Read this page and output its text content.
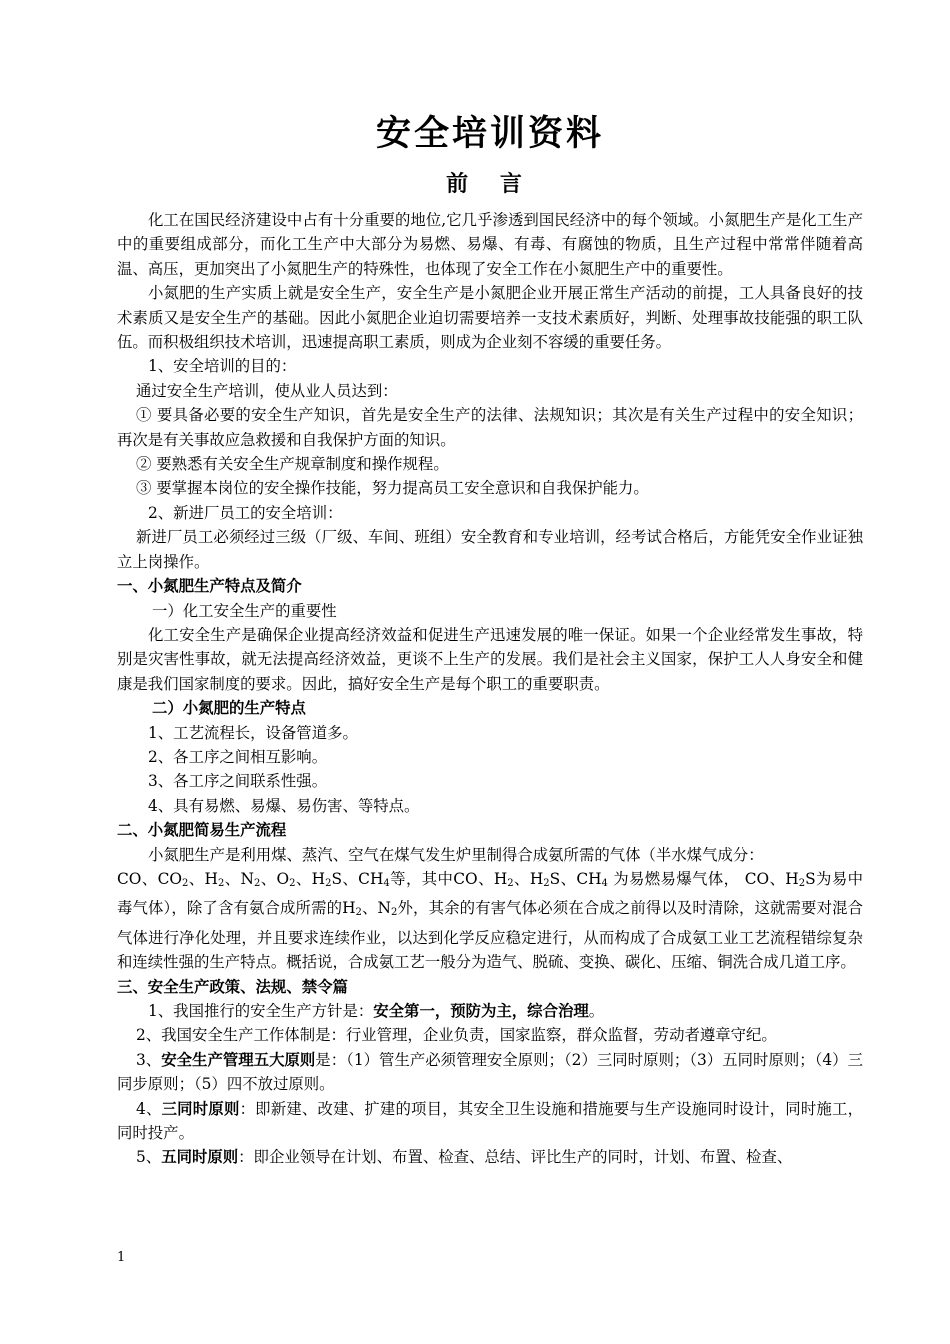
安全培训资料
前 言

化工在国民经济建设中占有十分重要的地位,它几乎渗透到国民经济中的每个领域。小氮肥生产是化工生产中的重要组成部分，而化工生产中大部分为易燃、易爆、有毒、有腐蚀的物质，且生产过程中常常伴随着高温、高压，更加突出了小氮肥生产的特殊性，也体现了安全工作在小氮肥生产中的重要性。

小氮肥的生产实质上就是安全生产，安全生产是小氮肥企业开展正常生产活动的前提，工人具备良好的技术素质又是安全生产的基础。因此小氮肥企业迫切需要培养一支技术素质好，判断、处理事故技能强的职工队伍。而积极组织技术培训，迅速提高职工素质，则成为企业刻不容缓的重要任务。

1、安全培训的目的：

通过安全生产培训，使从业人员达到：

① 要具备必要的安全生产知识，首先是安全生产的法律、法规知识；其次是有关生产过程中的安全知识；再次是有关事故应急救援和自我保护方面的知识。

② 要熟悉有关安全生产规章制度和操作规程。

③ 要掌握本岗位的安全操作技能，努力提高员工安全意识和自我保护能力。

2、新进厂员工的安全培训：

新进厂员工必须经过三级（厂级、车间、班组）安全教育和专业培训，经考试合格后，方能凭安全作业证独立上岗操作。

一、小氮肥生产特点及简介

一）化工安全生产的重要性

化工安全生产是确保企业提高经济效益和促进生产迅速发展的唯一保证。如果一个企业经常发生事故，特别是灾害性事故，就无法提高经济效益，更谈不上生产的发展。我们是社会主义国家，保护工人人身安全和健康是我们国家制度的要求。因此，搞好安全生产是每个职工的重要职责。

二）小氮肥的生产特点

1、工艺流程长，设备管道多。

2、各工序之间相互影响。

3、各工序之间联系性强。

4、具有易燃、易爆、易伤害、等特点。

二、小氮肥简易生产流程

小氮肥生产是利用煤、蒸汽、空气在煤气发生炉里制得合成氨所需的气体（半水煤气成分：
CO、$CO_2$、$H_2$、$N_2$、$O_2$、$H_2S$、$CH_4$等，其中CO、$H_2$、$H_2S$、$CH_4$ 为易燃易爆气体， CO、$H_2S$为易中毒气体），除了含有氨合成所需的$H_2$、$N_2$外，其余的有害气体必须在合成之前得以及时清除，这就需要对混合气体进行净化处理，并且要求连续作业，以达到化学反应稳定进行，从而构成了合成氨工业工艺流程错综复杂和连续性强的生产特点。概括说，合成氨工艺一般分为造气、脱硫、变换、碳化、压缩、铜洗合成几道工序。

三、安全生产政策、法规、禁令篇

1、我国推行的安全生产方针是：安全第一，预防为主，综合治理。

2、我国安全生产工作体制是：行业管理，企业负责，国家监察，群众监督，劳动者遵章守纪。

3、安全生产管理五大原则是：（1）管生产必须管理安全原则；（2）三同时原则；（3）五同时原则；（4）三同步原则；（5）四不放过原则。

4、三同时原则：即新建、改建、扩建的项目，其安全卫生设施和措施要与生产设施同时设计，同时施工，同时投产。

5、五同时原则：即企业领导在计划、布置、检查、总结、评比生产的同时，计划、布置、检查、

1
